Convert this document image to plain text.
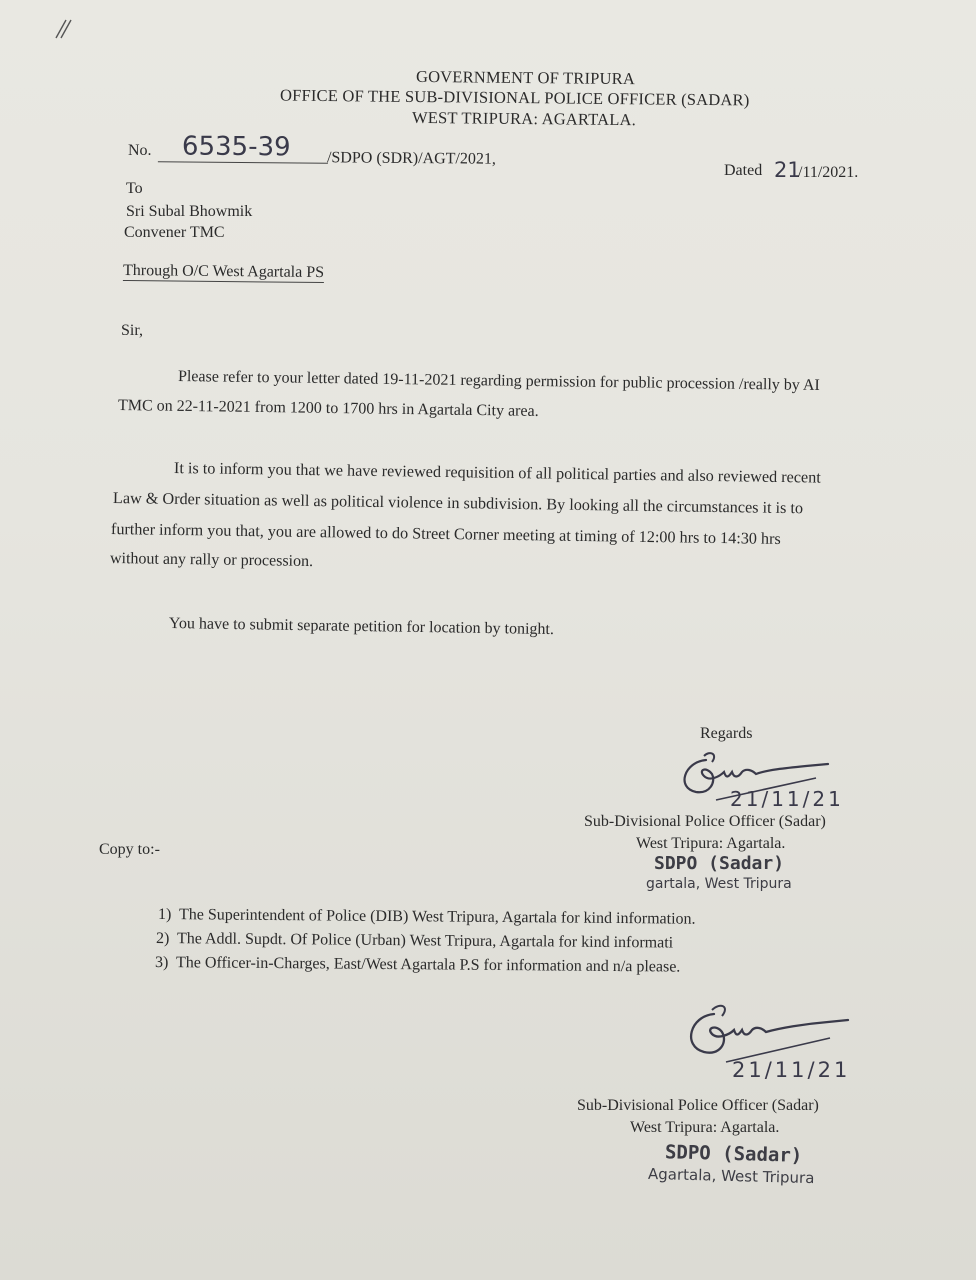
GOVERNMENT OF TRIPURA
OFFICE OF THE SUB-DIVISIONAL POLICE OFFICER (SADAR)
WEST TRIPURA: AGARTALA.
No.	6535-39	/SDPO (SDR)/AGT/2021,
Dated 21
/11/2021.
To
Sri Subal Bhowmik
Convener TMC
Through O/C West Agartala PS
Sir,
Please refer to your letter dated 19-11-2021 regarding permission for public procession /really by AI
TMC on 22-11-2021 from 1200 to 1700 hrs in Agartala City area.
It is to inform you that we have reviewed requisition of all political parties and also reviewed recent
Law & Order situation as well as political violence in subdivision. By looking all the circumstances it is to
further inform you that, you are allowed to do Street Corner meeting at timing of 12:00 hrs to 14:30 hrs
without any rally or procession.
You have to submit separate petition for location by tonight.
Regards
21/11/21
Sub-Divisional Police Officer (Sadar)
West Tripura: Agartala.
SDPO (Sadar)
gartala, West Tripura
Copy to:-
1) The Superintendent of Police (DIB) West Tripura, Agartala for kind information.
2) The Addl. Supdt. Of Police (Urban) West Tripura, Agartala for kind informati
3) The Officer-in-Charges, East/West Agartala P.S for information and n/a please.
21/11/21
Sub-Divisional Police Officer (Sadar)
West Tripura: Agartala.
SDPO (Sadar)
Agartala, West Tripura
